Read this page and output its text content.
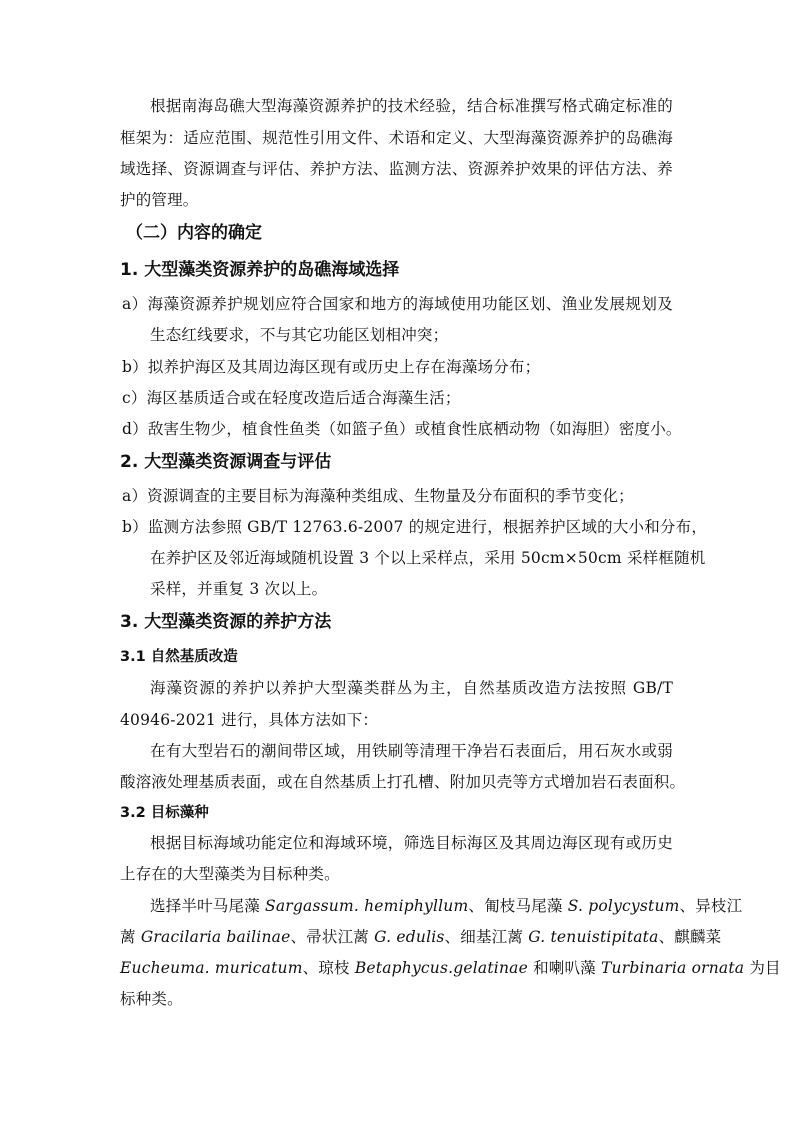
根据南海岛礁大型海藻资源养护的技术经验，结合标准撰写格式确定标准的
框架为：适应范围、规范性引用文件、术语和定义、大型海藻资源养护的岛礁海
域选择、资源调查与评估、养护方法、监测方法、资源养护效果的评估方法、养
护的管理。
（二）内容的确定
1. 大型藻类资源养护的岛礁海域选择
a）海藻资源养护规划应符合国家和地方的海域使用功能区划、渔业发展规划及
生态红线要求，不与其它功能区划相冲突；
b）拟养护海区及其周边海区现有或历史上存在海藻场分布；
c）海区基质适合或在轻度改造后适合海藻生活；
d）敌害生物少，植食性鱼类（如篮子鱼）或植食性底栖动物（如海胆）密度小。
2. 大型藻类资源调查与评估
a）资源调查的主要目标为海藻种类组成、生物量及分布面积的季节变化；
b）监测方法参照 GB/T 12763.6-2007 的规定进行，根据养护区域的大小和分布，
在养护区及邻近海域随机设置 3 个以上采样点，采用 50cm×50cm 采样框随机
采样，并重复 3 次以上。
3. 大型藻类资源的养护方法
3.1 自然基质改造
海藻资源的养护以养护大型藻类群丛为主，自然基质改造方法按照 GB/T
40946-2021 进行，具体方法如下：
在有大型岩石的潮间带区域，用铁刷等清理干净岩石表面后，用石灰水或弱
酸溶液处理基质表面，或在自然基质上打孔槽、附加贝壳等方式增加岩石表面积。
3.2 目标藻种
根据目标海域功能定位和海域环境，筛选目标海区及其周边海区现有或历史
上存在的大型藻类为目标种类。
选择半叶马尾藻 Sargassum. hemiphyllum、匍枝马尾藻 S. polycystum、异枝江
蓠 Gracilaria bailinae、帚状江蓠 G. edulis、细基江蓠 G. tenuistipitata、麒麟菜
Eucheuma. muricatum、琼枝 Betaphycus.gelatinae 和喇叭藻 Turbinaria ornata 为目
标种类。
